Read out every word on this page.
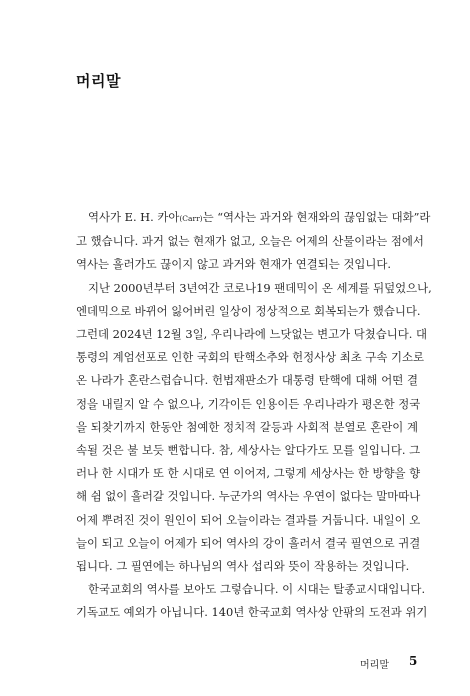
머리말
역사가 E. H. 카아(Carr)는 “역사는 과거와 현재와의 끊임없는 대화”라
고 했습니다. 과거 없는 현재가 없고, 오늘은 어제의 산물이라는 점에서
역사는 흘러가도 끊이지 않고 과거와 현재가 연결되는 것입니다.
지난 2000년부터 3년여간 코로나19 팬데믹이 온 세계를 뒤덮었으나,
엔데믹으로 바뀌어 잃어버린 일상이 정상적으로 회복되는가 했습니다.
그런데 2024년 12월 3일, 우리나라에 느닷없는 변고가 닥쳤습니다. 대
통령의 계엄선포로 인한 국회의 탄핵소추와 헌정사상 최초 구속 기소로
온 나라가 혼란스럽습니다. 헌법재판소가 대통령 탄핵에 대해 어떤 결
정을 내릴지 알 수 없으나, 기각이든 인용이든 우리나라가 평온한 정국
을 되찾기까지 한동안 첨예한 정치적 갈등과 사회적 분열로 혼란이 계
속될 것은 불 보듯 뻔합니다. 참, 세상사는 알다가도 모를 일입니다. 그
러나 한 시대가 또 한 시대로 연 이어져, 그렇게 세상사는 한 방향을 향
해 쉼 없이 흘러갈 것입니다. 누군가의 역사는 우연이 없다는 말마따나
어제 뿌려진 것이 원인이 되어 오늘이라는 결과를 거둡니다. 내일이 오
늘이 되고 오늘이 어제가 되어 역사의 강이 흘러서 결국 필연으로 귀결
됩니다. 그 필연에는 하나님의 역사 섭리와 뜻이 작용하는 것입니다.
한국교회의 역사를 보아도 그렇습니다. 이 시대는 탈종교시대입니다.
기독교도 예외가 아닙니다. 140년 한국교회 역사상 안팎의 도전과 위기
머리말 5
